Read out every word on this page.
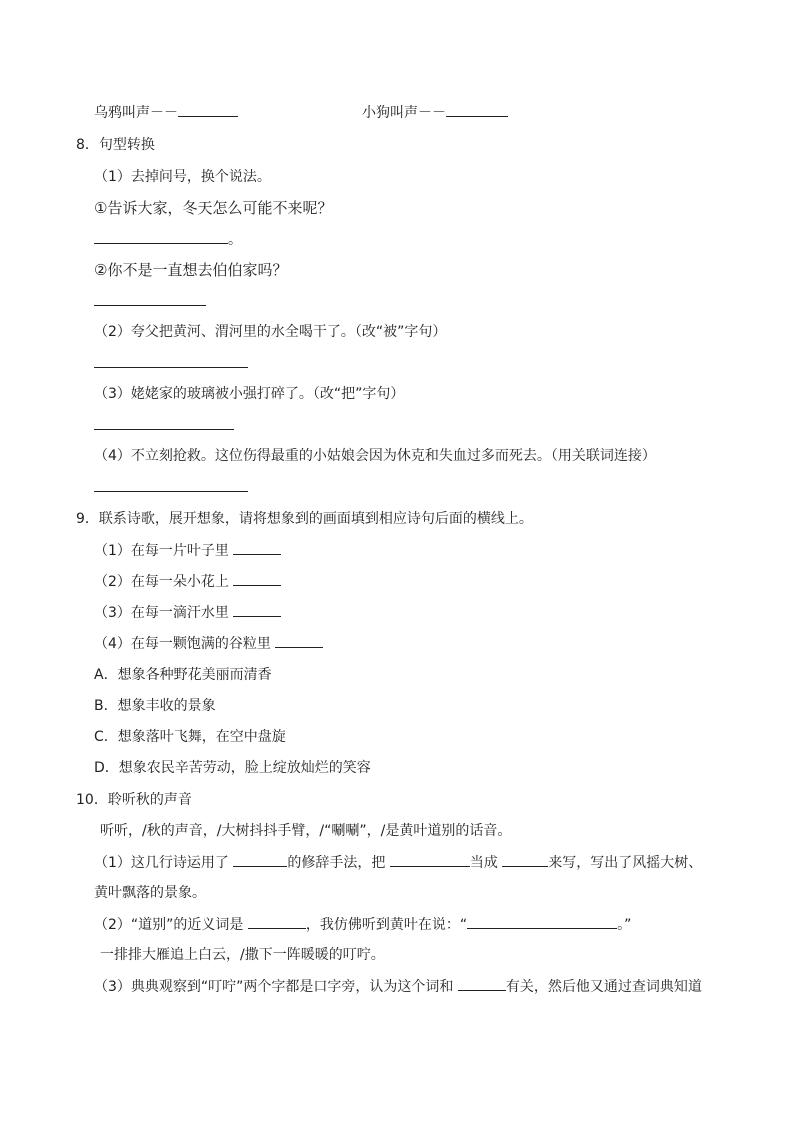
乌鸦叫声－－	小狗叫声－－
8．句型转换
（1）去掉问号，换个说法。
①告诉大家，冬天怎么可能不来呢？
。
②你不是一直想去伯伯家吗？
（2）夸父把黄河、渭河里的水全喝干了。（改“被”字句）
（3）姥姥家的玻璃被小强打碎了。（改“把”字句）
（4）不立刻抢救。这位伤得最重的小姑娘会因为休克和失血过多而死去。（用关联词连接）
9．联系诗歌，展开想象，请将想象到的画面填到相应诗句后面的横线上。
（1）在每一片叶子里
（2）在每一朵小花上
（3）在每一滴汗水里
（4）在每一颗饱满的谷粒里
A．想象各种野花美丽而清香
B．想象丰收的景象
C．想象落叶飞舞，在空中盘旋
D．想象农民辛苦劳动，脸上绽放灿烂的笑容
10．聆听秋的声音
听听，/秋的声音，/大树抖抖手臂，/“唰唰”，/是黄叶道别的话音。
（1）这几行诗运用了	的修辞手法，把	当成	来写，写出了风摇大树、
黄叶飘落的景象。
（2）“道别”的近义词是	，我仿佛听到黄叶在说：“	。”
一排排大雁追上白云，/撒下一阵暖暖的叮咛。
（3）典典观察到“叮咛”两个字都是口字旁，认为这个词和	有关，然后他又通过查词典知道
